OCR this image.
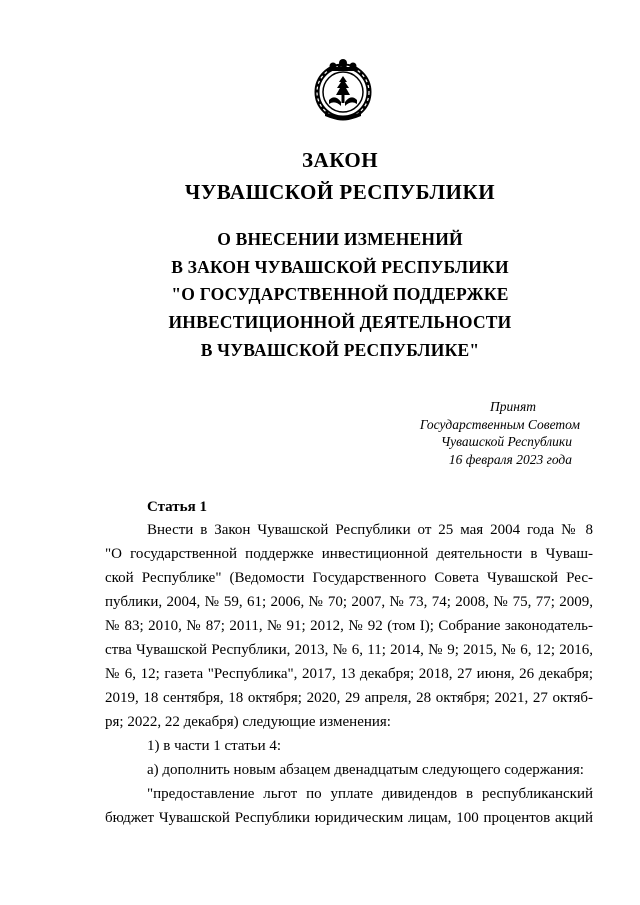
ЗАКОН
ЧУВАШСКОЙ РЕСПУБЛИКИ
О ВНЕСЕНИИ ИЗМЕНЕНИЙ
В ЗАКОН ЧУВАШСКОЙ РЕСПУБЛИКИ
"О ГОСУДАРСТВЕННОЙ ПОДДЕРЖКЕ
ИНВЕСТИЦИОННОЙ ДЕЯТЕЛЬНОСТИ
В ЧУВАШСКОЙ РЕСПУБЛИКЕ"
Принят
Государственным Советом
Чувашской Республики
16 февраля 2023 года
Статья 1
Внести в Закон Чувашской Республики от 25 мая 2004 года № 8
"О государственной поддержке инвестиционной деятельности в Чуваш-
ской Республике" (Ведомости Государственного Совета Чувашской Рес-
публики, 2004, № 59, 61; 2006, № 70; 2007, № 73, 74; 2008, № 75, 77; 2009,
№ 83; 2010, № 87; 2011, № 91; 2012, № 92 (том I); Собрание законодатель-
ства Чувашской Республики, 2013, № 6, 11; 2014, № 9; 2015, № 6, 12; 2016,
№ 6, 12; газета "Республика", 2017, 13 декабря; 2018, 27 июня, 26 декабря;
2019, 18 сентября, 18 октября; 2020, 29 апреля, 28 октября; 2021, 27 октяб-
ря; 2022, 22 декабря) следующие изменения:
1) в части 1 статьи 4:
а) дополнить новым абзацем двенадцатым следующего содержания:
"предоставление льгот по уплате дивидендов в республиканский
бюджет Чувашской Республики юридическим лицам, 100 процентов акций
